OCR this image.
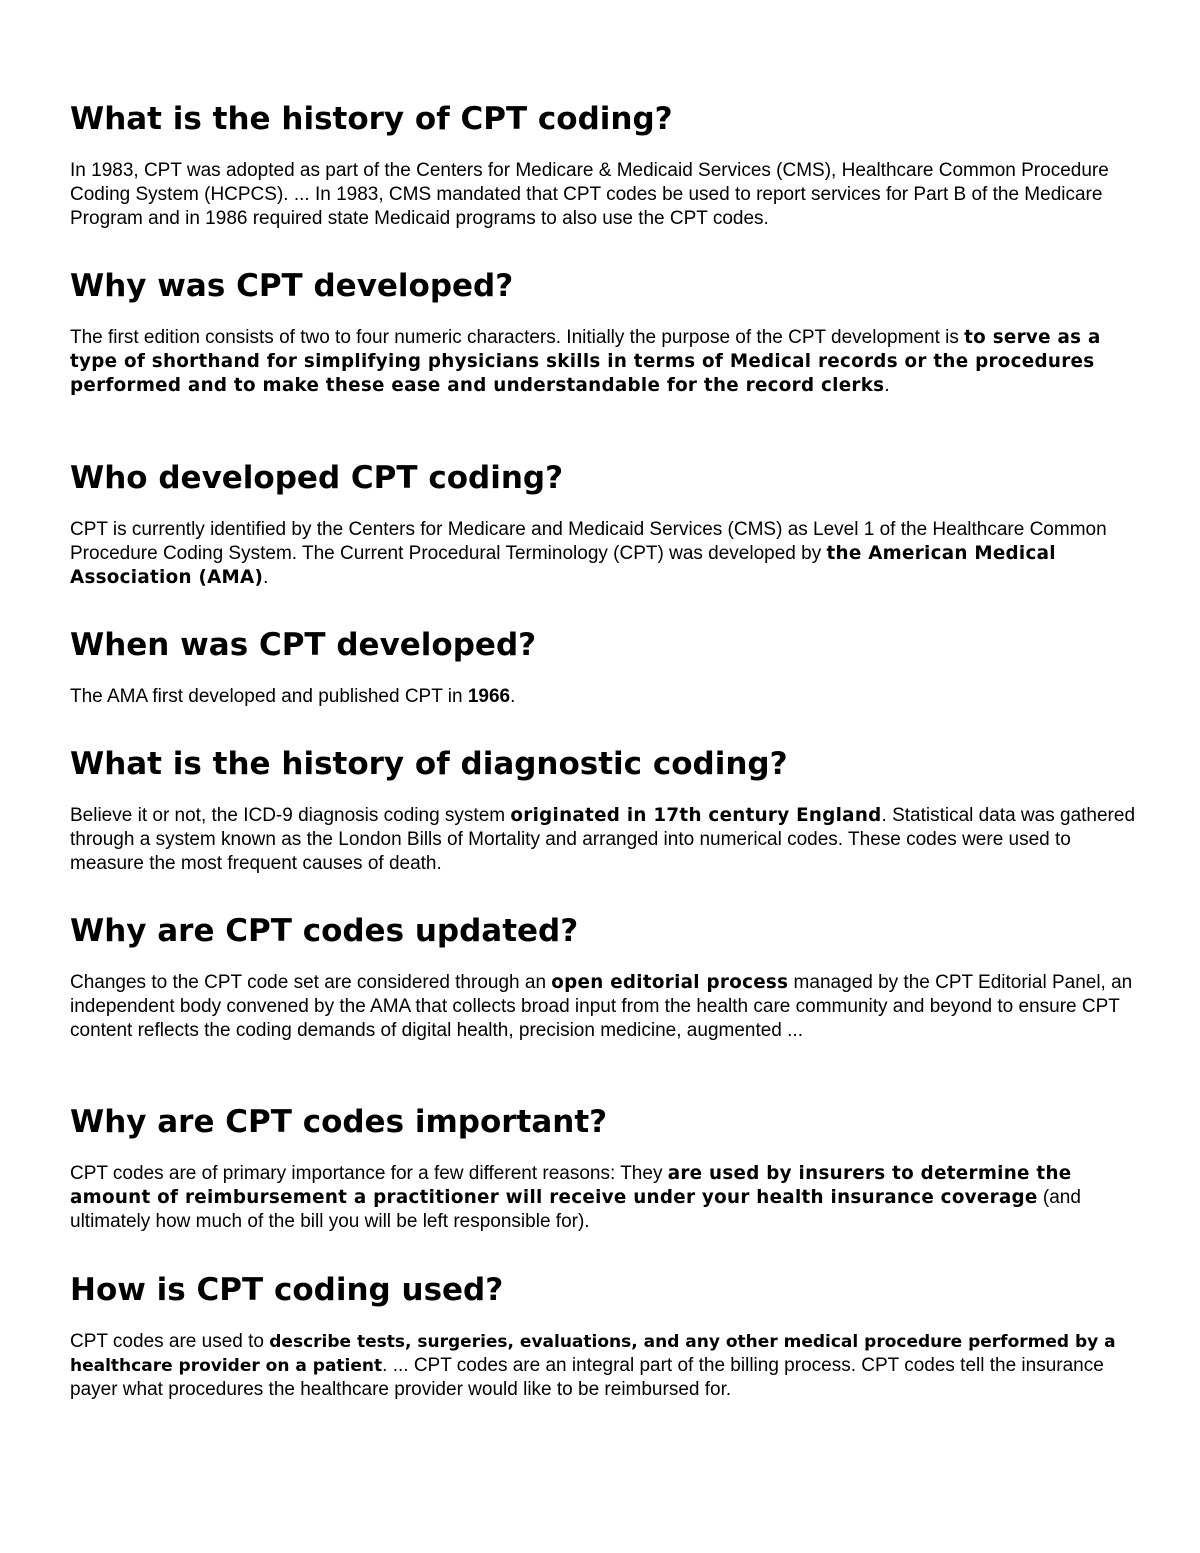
What is the history of CPT coding?

In 1983, CPT was adopted as part of the Centers for Medicare & Medicaid Services (CMS), Healthcare Common Procedure Coding System (HCPCS). ... In 1983, CMS mandated that CPT codes be used to report services for Part B of the Medicare Program and in 1986 required state Medicaid programs to also use the CPT codes.

Why was CPT developed?

The first edition consists of two to four numeric characters. Initially the purpose of the CPT development is to serve as a type of shorthand for simplifying physicians skills in terms of Medical records or the procedures performed and to make these ease and understandable for the record clerks.

Who developed CPT coding?

CPT is currently identified by the Centers for Medicare and Medicaid Services (CMS) as Level 1 of the Healthcare Common Procedure Coding System. The Current Procedural Terminology (CPT) was developed by the American Medical Association (AMA).

When was CPT developed?

The AMA first developed and published CPT in 1966.

What is the history of diagnostic coding?

Believe it or not, the ICD-9 diagnosis coding system originated in 17th century England. Statistical data was gathered through a system known as the London Bills of Mortality and arranged into numerical codes. These codes were used to measure the most frequent causes of death.

Why are CPT codes updated?

Changes to the CPT code set are considered through an open editorial process managed by the CPT Editorial Panel, an independent body convened by the AMA that collects broad input from the health care community and beyond to ensure CPT content reflects the coding demands of digital health, precision medicine, augmented ...

Why are CPT codes important?

CPT codes are of primary importance for a few different reasons: They are used by insurers to determine the amount of reimbursement a practitioner will receive under your health insurance coverage (and ultimately how much of the bill you will be left responsible for).

How is CPT coding used?

CPT codes are used to describe tests, surgeries, evaluations, and any other medical procedure performed by a healthcare provider on a patient. ... CPT codes are an integral part of the billing process. CPT codes tell the insurance payer what procedures the healthcare provider would like to be reimbursed for.
